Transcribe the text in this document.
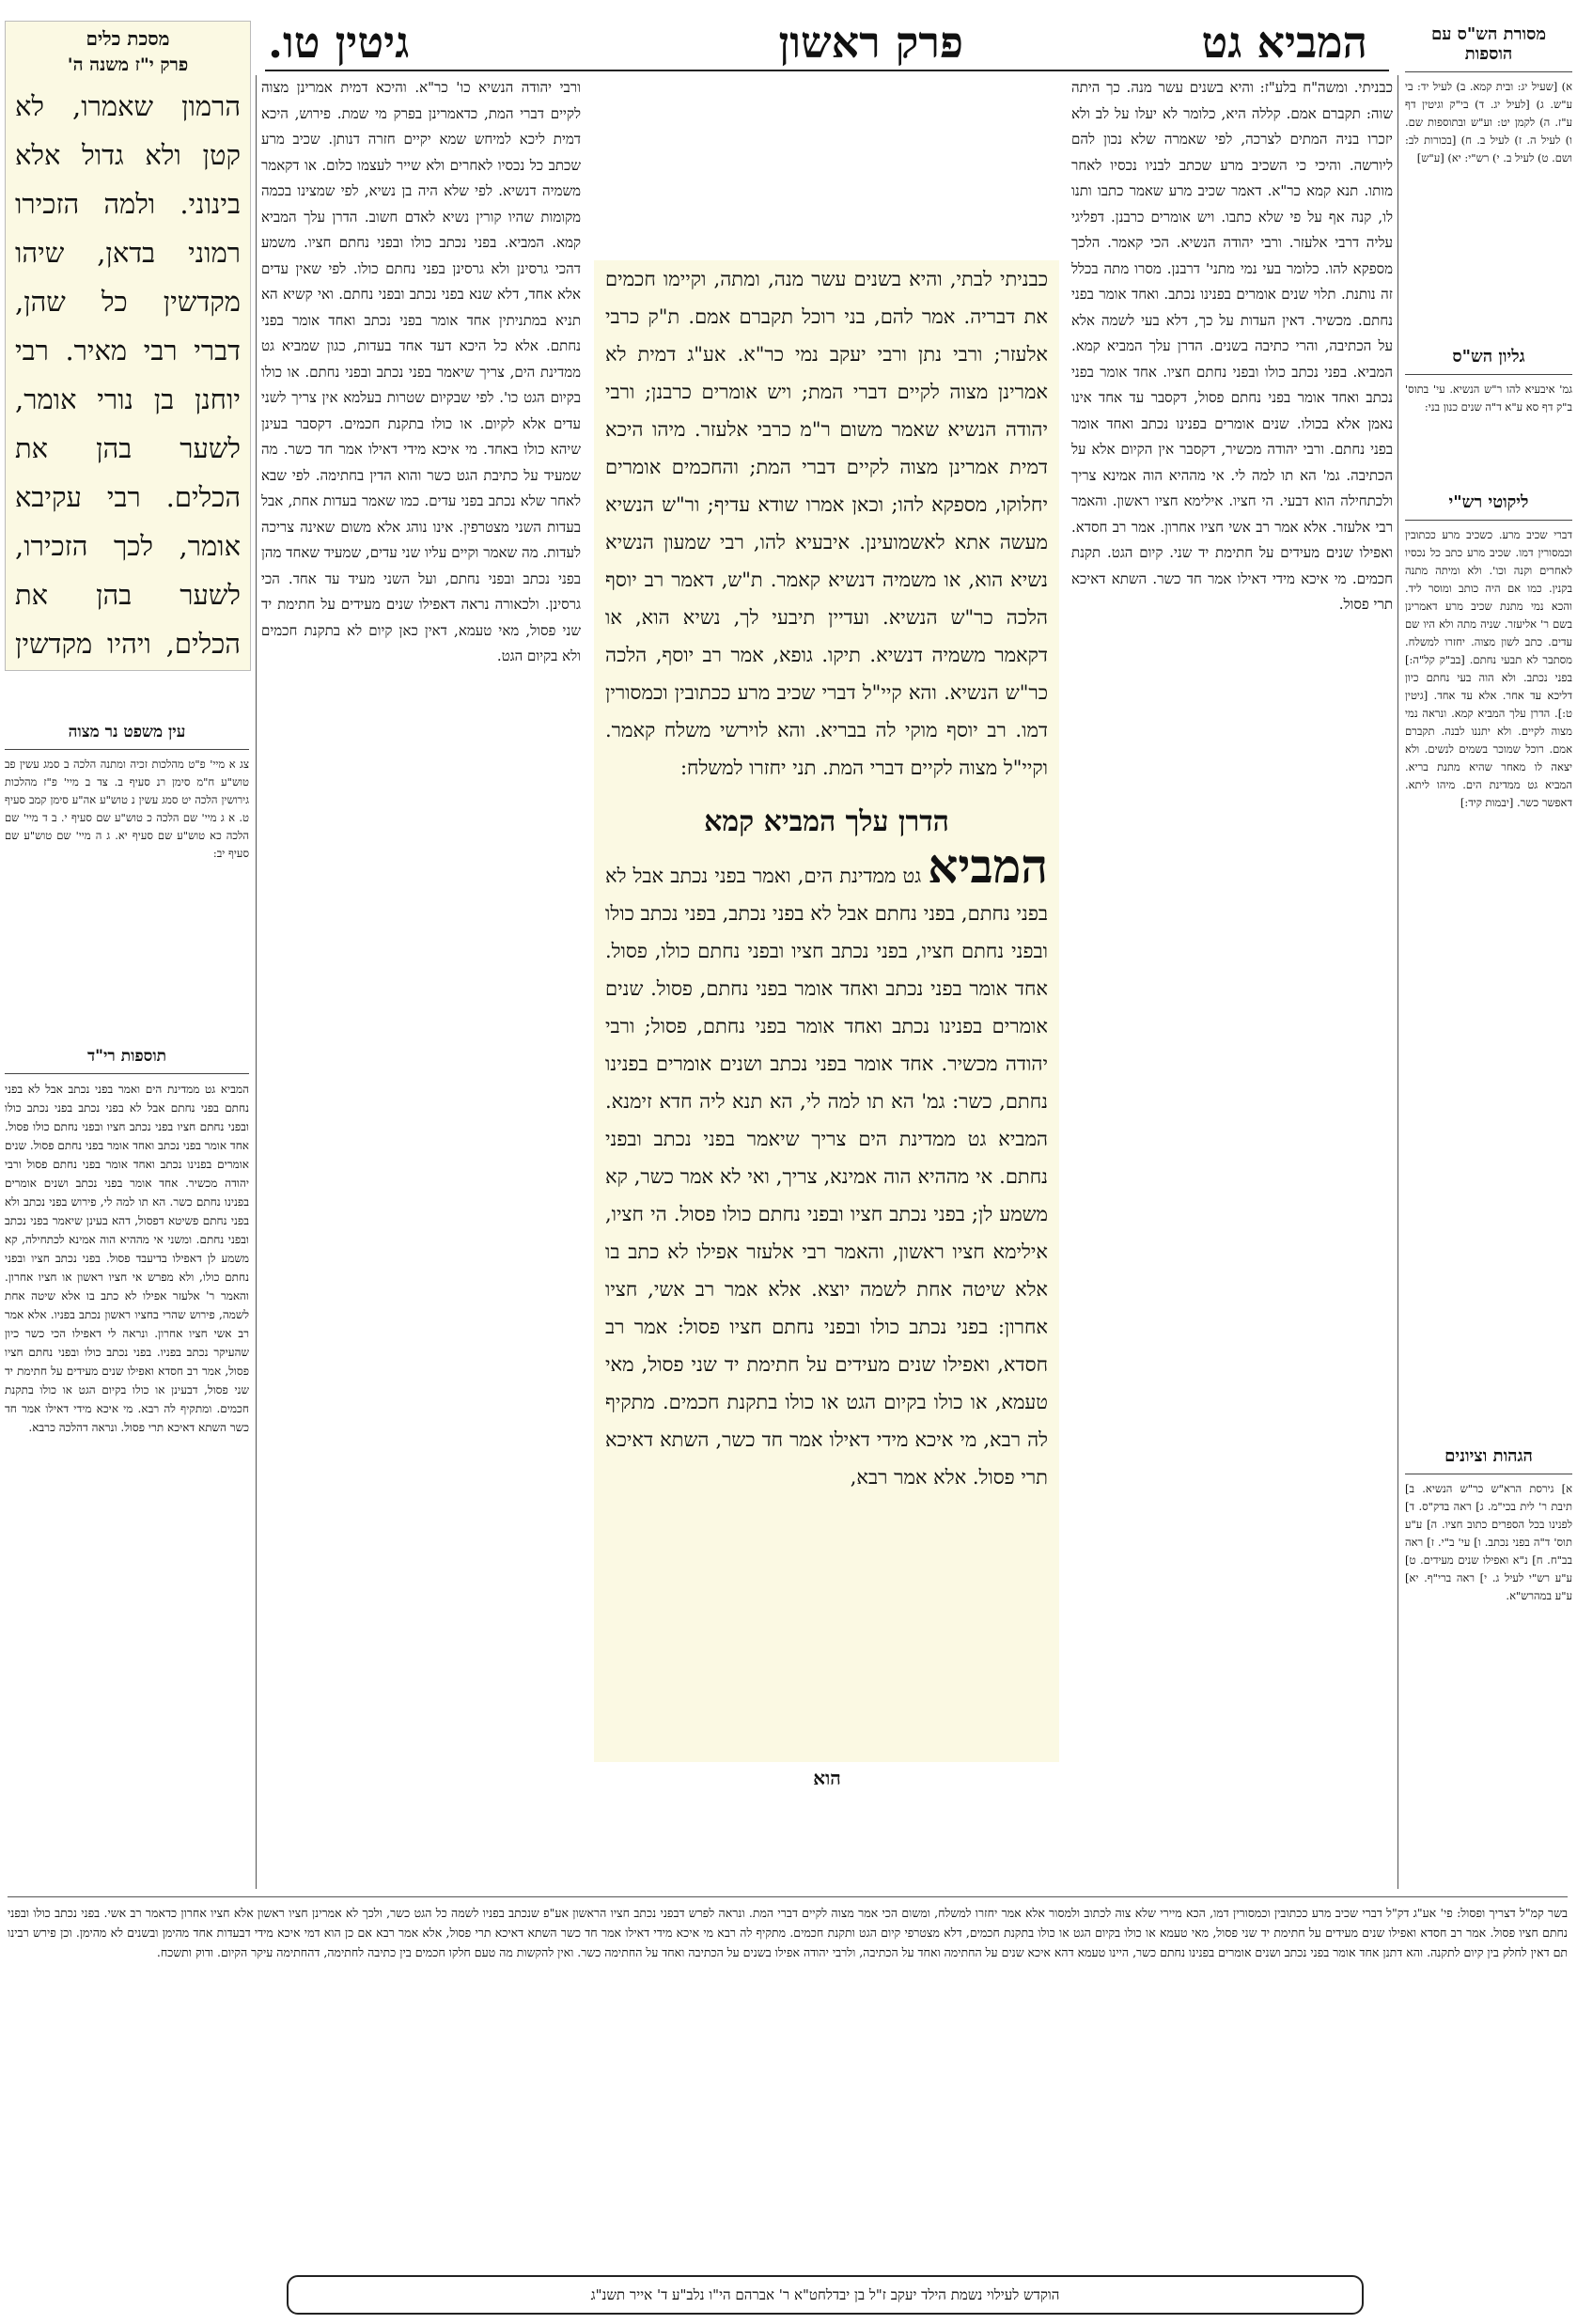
המביא גט
פרק ראשון
גיטין טו.
מסכת כלים
פרק י"ז משנה ה'
הרמון שאמרו, לא קטן ולא גדול אלא בינוני. ולמה הזכירו רמוני בדאן, שיהו מקדשין כל שהן, דברי רבי מאיר. רבי יוחנן בן נורי אומר, לשער בהן את הכלים. רבי עקיבא אומר, לכך הזכירו, לשער בהן את הכלים, ויהיו מקדשין
עין משפט נר מצוה
צג א מיי' פ"ט מהלכות זכיה ומתנה הלכה ב סמג עשין פב טוש"ע ח"מ סימן רנ סעיף ב. צד ב מיי' פ"ז מהלכות גירושין הלכה יט סמג עשין נ טוש"ע אה"ע סימן קמב סעיף ט. א ג מיי' שם הלכה כ טוש"ע שם סעיף י. ב ד מיי' שם הלכה כא טוש"ע שם סעיף יא. ג ה מיי' שם טוש"ע שם סעיף יב:
תוספות רי"ד
המביא גט ממדינת הים ואמר בפני נכתב אבל לא בפני נחתם בפני נחתם אבל לא בפני נכתב בפני נכתב כולו ובפני נחתם חציו בפני נכתב חציו ובפני נחתם כולו פסול. אחד אומר בפני נכתב ואחד אומר בפני נחתם פסול. שנים אומרים בפנינו נכתב ואחד אומר בפני נחתם פסול ורבי יהודה מכשיר. אחד אומר בפני נכתב ושנים אומרים בפנינו נחתם כשר. הא תו למה לי, פירוש בפני נכתב ולא בפני נחתם פשיטא דפסול, דהא בעינן שיאמר בפני נכתב ובפני נחתם. ומשני אי מההיא הוה אמינא לכתחילה, קא משמע לן דאפילו בדיעבד פסול. בפני נכתב חציו ובפני נחתם כולו, ולא מפרש אי חציו ראשון או חציו אחרון. והאמר ר' אלעזר אפילו לא כתב בו אלא שיטה אחת לשמה, פירוש שהרי בחציו ראשון נכתב בפניו. אלא אמר רב אשי חציו אחרון. ונראה לי דאפילו הכי כשר כיון שהעיקר נכתב בפניו. בפני נכתב כולו ובפני נחתם חציו פסול, אמר רב חסדא ואפילו שנים מעידים על חתימת יד שני פסול, דבעינן או כולו בקיום הגט או כולו בתקנת חכמים. ומתקיף לה רבא. מי איכא מידי דאילו אמר חד כשר השתא דאיכא תרי פסול. ונראה דהלכה כרבא.

ורבי יהודה הנשיא כו' כר"א. והיכא דמית אמרינן מצוה לקיים דברי המת, כדאמרינן בפרק מי שמת. פירוש, היכא דמית ליכא למיחש שמא יקיים חזרה דנותן. שכיב מרע שכתב כל נכסיו לאחרים ולא שייר לעצמו כלום. או דקאמר משמיה דנשיא. לפי שלא היה בן נשיא, לפי שמצינו בכמה מקומות שהיו קורין נשיא לאדם חשוב. הדרן עלך המביא קמא. המביא. בפני נכתב כולו ובפני נחתם חציו. משמע דהכי גרסינן ולא גרסינן בפני נחתם כולו. לפי שאין עדים אלא אחד, דלא שנא בפני נכתב ובפני נחתם. ואי קשיא הא תניא במתניתין אחד אומר בפני נכתב ואחד אומר בפני נחתם. אלא כל היכא דעד אחד בעדות, כגון שמביא גט ממדינת הים, צריך שיאמר בפני נכתב ובפני נחתם. או כולו בקיום הגט כו'. לפי שבקיום שטרות בעלמא אין צריך לשני עדים אלא לקיום. או כולו בתקנת חכמים. דקסבר בעינן שיהא כולו באחד. מי איכא מידי דאילו אמר חד כשר. מה שמעיד על כתיבת הגט כשר והוא הדין בחתימה. לפי שבא לאחר שלא נכתב בפני עדים. כמו שאמר בעדות אחת, אבל בעדות השני מצטרפין. אינו נוהג אלא משום שאינה צריכה לעדות. מה שאמר וקיים עליו שני עדים, שמעיד שאחד מהן בפני נכתב ובפני נחתם, ועל השני מעיד עד אחד. הכי גרסינן. ולכאורה נראה דאפילו שנים מעידים על חתימת יד שני פסול, מאי טעמא, דאין כאן קיום לא בתקנת חכמים ולא בקיום הגט.

כבניתי לבתי, והיא בשנים עשר מנה, ומתה, וקיימו חכמים את דבריה. אמר להם, בני רוכל תקברם אמם. ת"ק כרבי אלעזר; ורבי נתן ורבי יעקב נמי כר"א. אע"ג דמית לא אמרינן מצוה לקיים דברי המת; ויש אומרים כרבנן; ורבי יהודה הנשיא שאמר משום ר"מ כרבי אלעזר. מיהו היכא דמית אמרינן מצוה לקיים דברי המת; והחכמים אומרים יחלוקו, מספקא להו; וכאן אמרו שודא עדיף; ור"ש הנשיא מעשה אתא לאשמועינן. איבעיא להו, רבי שמעון הנשיא נשיא הוא, או משמיה דנשיא קאמר. ת"ש, דאמר רב יוסף הלכה כר"ש הנשיא. ועדיין תיבעי לך, נשיא הוא, או דקאמר משמיה דנשיא. תיקו. גופא, אמר רב יוסף, הלכה כר"ש הנשיא. והא קיי"ל דברי שכיב מרע ככתובין וכמסורין דמו. רב יוסף מוקי לה בבריא. והא לוירשי משלח קאמר. וקיי"ל מצוה לקיים דברי המת. תני יחזרו למשלח:
הדרן עלך המביא קמא
המביא גט ממדינת הים, ואמר בפני נכתב אבל לא בפני נחתם, בפני נחתם אבל לא בפני נכתב, בפני נכתב כולו ובפני נחתם חציו, בפני נכתב חציו ובפני נחתם כולו, פסול. אחד אומר בפני נכתב ואחד אומר בפני נחתם, פסול. שנים אומרים בפנינו נכתב ואחד אומר בפני נחתם, פסול; ורבי יהודה מכשיר. אחד אומר בפני נכתב ושנים אומרים בפנינו נחתם, כשר: גמ' הא תו למה לי, הא תנא ליה חדא זימנא. המביא גט ממדינת הים צריך שיאמר בפני נכתב ובפני נחתם. אי מההיא הוה אמינא, צריך, ואי לא אמר כשר, קא משמע לן; בפני נכתב חציו ובפני נחתם כולו פסול. הי חציו, אילימא חציו ראשון, והאמר רבי אלעזר אפילו לא כתב בו אלא שיטה אחת לשמה יוצא. אלא אמר רב אשי, חציו אחרון: בפני נכתב כולו ובפני נחתם חציו פסול: אמר רב חסדא, ואפילו שנים מעידים על חתימת יד שני פסול, מאי טעמא, או כולו בקיום הגט או כולו בתקנת חכמים. מתקיף לה רבא, מי איכא מידי דאילו אמר חד כשר, השתא דאיכא תרי פסול. אלא אמר רבא,
הוא

כבניתי. ומשה"ח בלע"ז: והיא בשנים עשר מנה. כך היתה שוה: תקברם אמם. קללה היא, כלומר לא יעלו על לב ולא יזכרו בניה המתים לצרכה, לפי שאמרה שלא נכון להם ליורשה. והיכי כי השכיב מרע שכתב לבניו נכסיו לאחר מותו. תנא קמא כר"א. דאמר שכיב מרע שאמר כתבו ותנו לו, קנה אף על פי שלא כתבו. ויש אומרים כרבנן. דפליגי עליה דרבי אלעזר. ורבי יהודה הנשיא. הכי קאמר. הלכך מספקא להו. כלומר בעי נמי מתני' דרבנן. מסרו מתה בכלל זה נותנת. תלוי שנים אומרים בפנינו נכתב. ואחד אומר בפני נחתם. מכשיר. דאין העדות על כך, דלא בעי לשמה אלא על הכתיבה, והרי כתיבה בשנים. הדרן עלך המביא קמא. המביא. בפני נכתב כולו ובפני נחתם חציו. אחד אומר בפני נכתב ואחד אומר בפני נחתם פסול, דקסבר עד אחד אינו נאמן אלא בכולו. שנים אומרים בפנינו נכתב ואחד אומר בפני נחתם. ורבי יהודה מכשיר, דקסבר אין הקיום אלא על הכתיבה. גמ' הא תו למה לי. אי מההיא הוה אמינא צריך ולכתחילה הוא דבעי. הי חציו. אילימא חציו ראשון. והאמר רבי אלעזר. אלא אמר רב אשי חציו אחרון. אמר רב חסדא. ואפילו שנים מעידים על חתימת יד שני. קיום הגט. תקנת חכמים. מי איכא מידי דאילו אמר חד כשר. השתא דאיכא תרי פסול.

מסורת הש"ס עם הוספות
א) [שעיל יג: ובית קמא. ב) לעיל יד: בי ע"ש. ג) [לעיל יג. ד) בי"ק וגיטין דף ע"ז. ה) לקמן יט: וע"ש ובתוספות שם. ו) לעיל ה. ז) לעיל ב. ח) [בכורות לב: ושם. ט) לעיל ב. י) רש"י: יא) [ע"ש]
גליון הש"ס
גמ' איבעיא להו ר"ש הנשיא. עי' בתוס' ב"ק דף סא ע"א ד"ה שנים כנון בני:
ליקוטי רש"י
דברי שכיב מרע. כשכיב מרע ככתובין וכמסורין דמו. שכיב מרע כתב כל נכסיו לאחרים וקנה וכו'. ולא ומיתה מתנה בקנין. כמו אם היה כותב ומוסר ליד. והכא נמי מתנת שכיב מרע דאמרינן בשם ר' אליעזר. שניה מתה ולא היו שם עדים. כתב לשון מצוה. יחזרו למשלח. מסתבר לא תבעי נחתם. [בב"ק קל"ה:] בפני נכתב. ולא הוה בעי נחתם כיון דליכא עד אחר. אלא עד אחד. [גיטין ט:]. הדרן עלך המביא קמא. ונראה נמי מצוה לקיים. ולא יתננו לבנה. תקברם אמם. רוכל שמוכר בשמים לנשים. ולא יצאה לו מאחר שהיא מתנת בריא. המביא גט ממדינת הים. מיהו ליתא. דאפשר כשר. [יבמות קיד:]
הגהות וציונים
א] גירסת הרא"ש כר"ש הנשיא. ב] תיבת ר' לית בכי"מ. ג] ראה בדק"ס. ד] לפנינו בכל הספרים כתוב חציו. ה] ע"ע תוס' ד"ה בפני נכתב. ו] עי' ב"י. ז] ראה בב"ח. ח] נ"א ואפילו שנים מעידים. ט] ע"ע רש"י לעיל ג. י] ראה ברי"ף. יא] ע"ע במהרש"א.
בשר קמ"ל דצריך ופסול: פי' אע"ג דק"ל דברי שכיב מרע ככתובין וכמסורין דמו, הכא מיירי שלא צוה לכתוב ולמסור אלא אמר יחזרו למשלח, ומשום הכי אמר מצוה לקיים דברי המת. ונראה לפרש דבפני נכתב חציו הראשון אע"פ שנכתב בפניו לשמה כל הגט כשר, ולכך לא אמרינן חציו ראשון אלא חציו אחרון כדאמר רב אשי. בפני נכתב כולו ובפני נחתם חציו פסול. אמר רב חסדא ואפילו שנים מעידים על חתימת יד שני פסול, מאי טעמא או כולו בקיום הגט או כולו בתקנת חכמים, דלא מצטרפי קיום הגט ותקנת חכמים. מתקיף לה רבא מי איכא מידי דאילו אמר חד כשר השתא דאיכא תרי פסול, אלא אמר רבא אם כן הוא דמי איכא מידי דבעדות אחד מהימן ובשנים לא מהימן. וכן פירש רבינו תם דאין לחלק בין קיום לתקנה. והא דתנן אחד אומר בפני נכתב ושנים אומרים בפנינו נחתם כשר, היינו טעמא דהא איכא שנים על החתימה ואחד על הכתיבה, ולרבי יהודה אפילו בשנים על הכתיבה ואחד על החתימה כשר. ואין להקשות מה טעם חלקו חכמים בין כתיבה לחתימה, דהחתימה עיקר הקיום. ודוק ותשכח.
הוקדש לעילוי נשמת הילד יעקב ז"ל בן יבדלחט"א ר' אברהם הי"ו נלב"ע ד' אייר תשנ"ג
